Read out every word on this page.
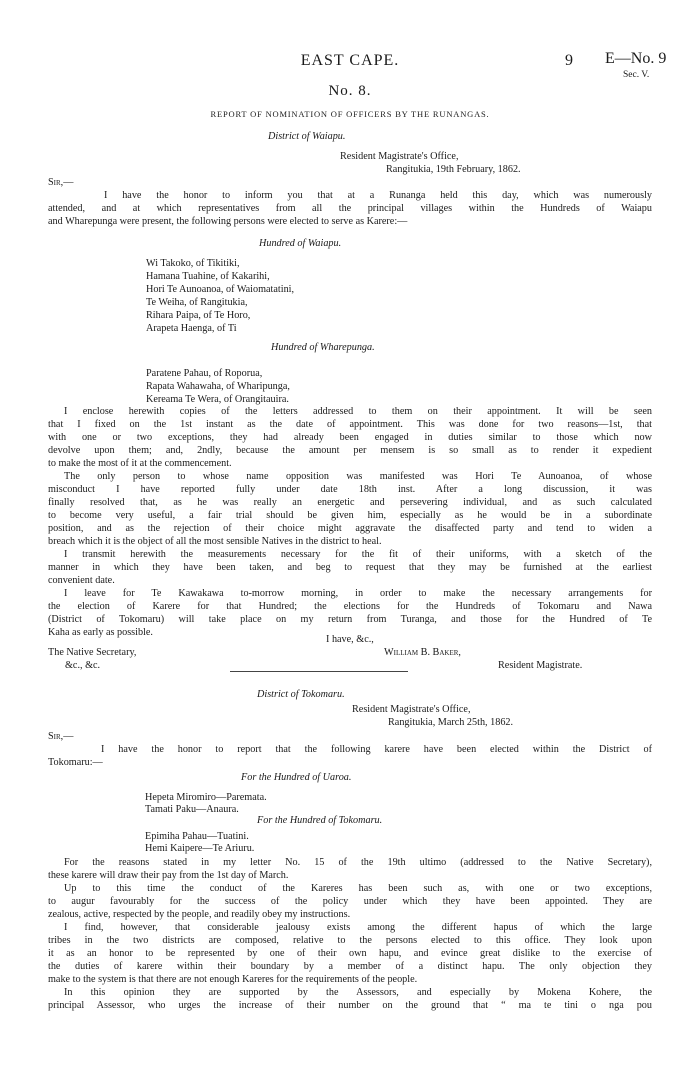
EAST CAPE.	9 E—No. 9
Sec. V.
No. 8.
REPORT OF NOMINATION OF OFFICERS BY THE RUNANGAS.
District of Waiapu.
Resident Magistrate's Office,
Rangitukia, 19th February, 1862.
Sir,—
I have the honor to inform you that at a Runanga held this day, which was numerously
attended, and at which representatives from all the principal villages within the Hundreds of Waiapu
and Wharepunga were present, the following persons were elected to serve as Karere:—
Hundred of Waiapu.
Wi Takoko, of Tikitiki,
Hamana Tuahine, of Kakarihi,
Hori Te Aunoanoa, of Waiomatatini,
Te Weiha, of Rangitukia,
Rihara Paipa, of Te Horo,
Arapeta Haenga, of Ti
Hundred of Wharepunga.
Paratene Pahau, of Roporua,
Rapata Wahawaha, of Wharipunga,
Kereama Te Wera, of Orangitauira.
I enclose herewith copies of the letters addressed to them on their appointment. It will be seen
that I fixed on the 1st instant as the date of appointment. This was done for two reasons—1st, that
with one or two exceptions, they had already been engaged in duties similar to those which now
devolve upon them; and, 2ndly, because the amount per mensem is so small as to render it expedient
to make the most of it at the commencement.
The only person to whose name opposition was manifested was Hori Te Aunoanoa, of whose
misconduct I have reported fully under date 18th inst. After a long discussion, it was
finally resolved that, as he was really an energetic and persevering individual, and as such calculated
to become very useful, a fair trial should be given him, especially as he would be in a subordinate
position, and as the rejection of their choice might aggravate the disaffected party and tend to widen a
breach which it is the object of all the most sensible Natives in the district to heal.
I transmit herewith the measurements necessary for the fit of their uniforms, with a sketch of the
manner in which they have been taken, and beg to request that they may be furnished at the earliest
convenient date.
I leave for Te Kawakawa to-morrow morning, in order to make the necessary arrangements for
the election of Karere for that Hundred; the elections for the Hundreds of Tokomaru and Nawa
(District of Tokomaru) will take place on my return from Turanga, and those for the Hundred of Te
Kaha as early as possible.
I have, &c.,
The Native Secretary,	William B. Baker,
&c., &c.	Resident Magistrate.
District of Tokomaru.
Resident Magistrate's Office,
Rangitukia, March 25th, 1862.
Sir,—
I have the honor to report that the following karere have been elected within the District of
Tokomaru:—
For the Hundred of Uaroa.
Hepeta Miromiro—Paremata.
Tamati Paku—Anaura.
For the Hundred of Tokomaru.
Epimiha Pahau—Tuatini.
Hemi Kaipere—Te Ariuru.
For the reasons stated in my letter No. 15 of the 19th ultimo (addressed to the Native Secretary),
these karere will draw their pay from the 1st day of March.
Up to this time the conduct of the Kareres has been such as, with one or two exceptions,
to augur favourably for the success of the policy under which they have been appointed. They are
zealous, active, respected by the people, and readily obey my instructions.
I find, however, that considerable jealousy exists among the different hapus of which the large
tribes in the two districts are composed, relative to the persons elected to this office. They look upon
it as an honor to be represented by one of their own hapu, and evince great dislike to the exercise of
the duties of karere within their boundary by a member of a distinct hapu. The only objection they
make to the system is that there are not enough Kareres for the requirements of the people.
In this opinion they are supported by the Assessors, and especially by Mokena Kohere, the
principal Assessor, who urges the increase of their number on the ground that “ ma te tini o nga pou
